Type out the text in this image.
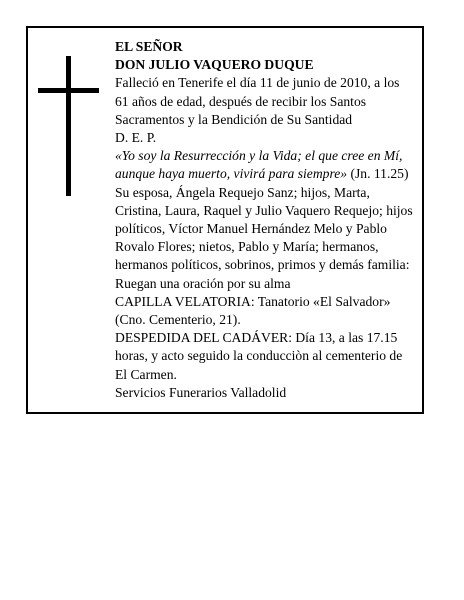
EL SEÑOR

DON JULIO VAQUERO DUQUE

Falleció en Tenerife el día 11 de junio de 2010, a los 61 años de edad, después de recibir los Santos Sacramentos y la Bendición de Su Santidad

D. E. P.

«Yo soy la Resurrección y la Vida; el que cree en Mí, aunque haya muerto, vivirá para siempre» (Jn. 11.25)

Su esposa, Ángela Requejo Sanz; hijos, Marta, Cristina, Laura, Raquel y Julio Vaquero Requejo; hijos políticos, Víctor Manuel Hernández Melo y Pablo Rovalo Flores; nietos, Pablo y María; hermanos, hermanos políticos, sobrinos, primos y demás familia:

Ruegan una oración por su alma

CAPILLA VELATORIA: Tanatorio «El Salvador» (Cno. Cementerio, 21).

DESPEDIDA DEL CADÁVER: Día 13, a las 17.15 horas, y acto seguido la conducciòn al cementerio de El Carmen.

Servicios Funerarios Valladolid
